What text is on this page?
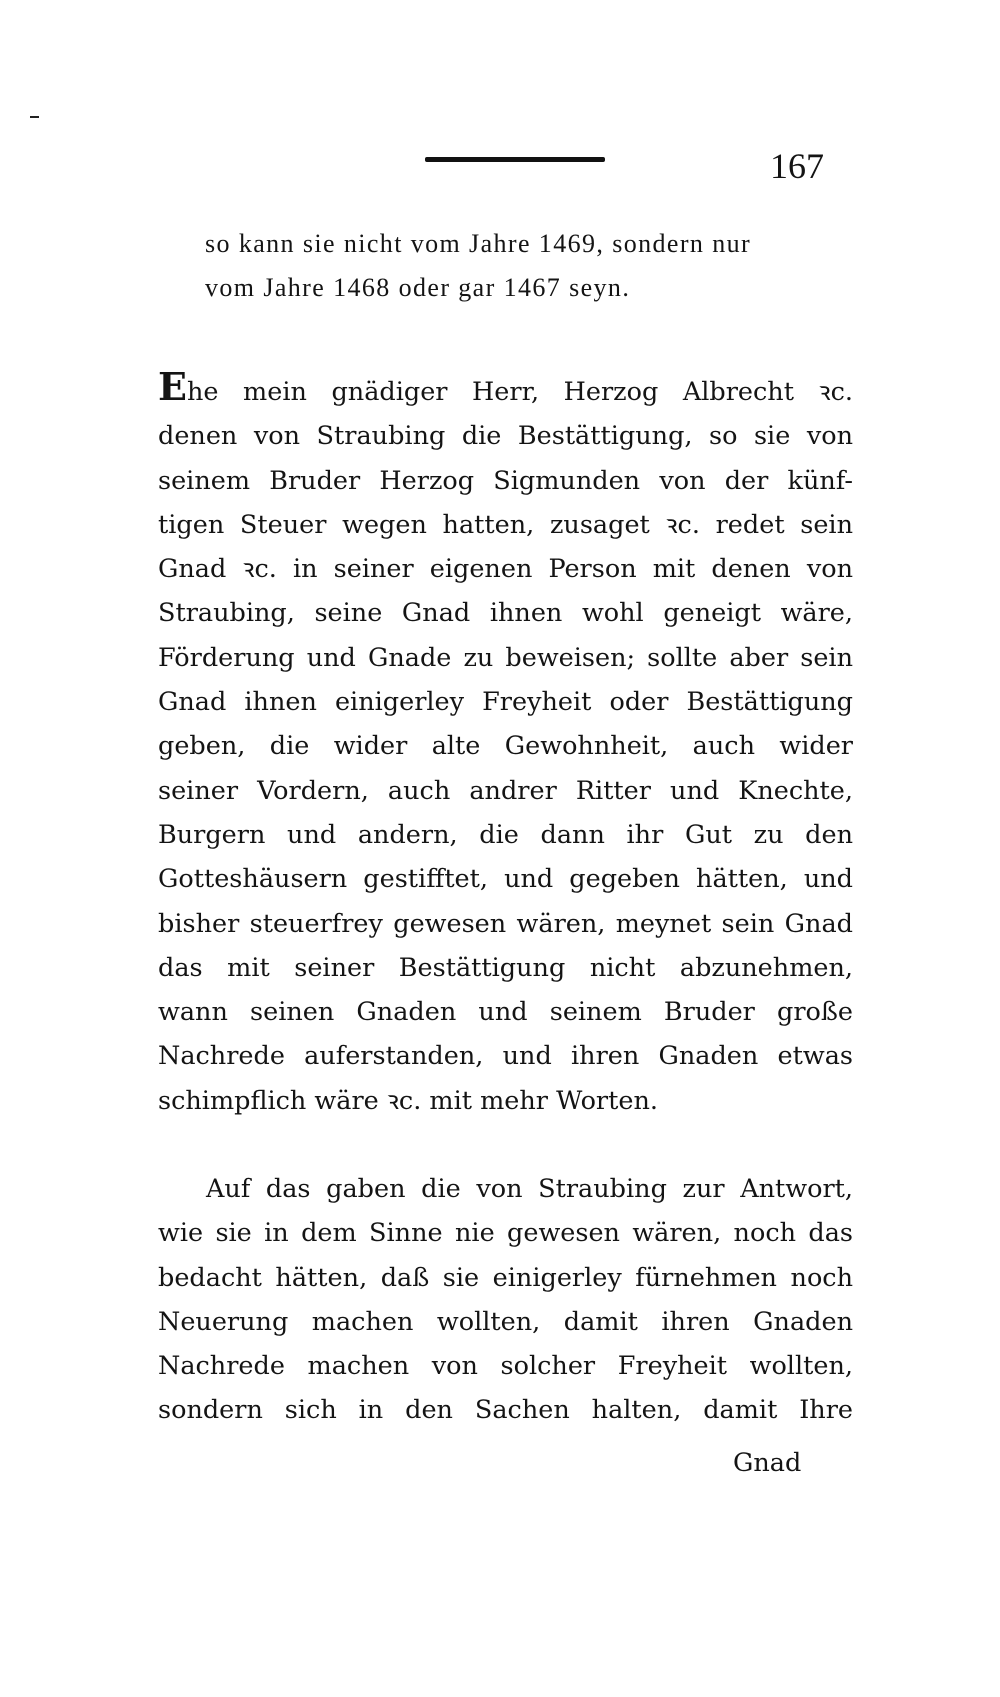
167
so kann sie nicht vom Jahre 1469, sondern nur
vom Jahre 1468 oder gar 1467 seyn.
Ehe mein gnädiger Herr, Herzog Albrecht ꝛc.
denen von Straubing die Bestättigung, so sie von
seinem Bruder Herzog Sigmunden von der künf-
tigen Steuer wegen hatten, zusaget ꝛc. redet sein
Gnad ꝛc. in seiner eigenen Person mit denen von
Straubing, seine Gnad ihnen wohl geneigt wäre,
Förderung und Gnade zu beweisen; sollte aber sein
Gnad ihnen einigerley Freyheit oder Bestättigung
geben, die wider alte Gewohnheit, auch wider
seiner Vordern, auch andrer Ritter und Knechte,
Burgern und andern, die dann ihr Gut zu den
Gotteshäusern gestifftet, und gegeben hätten, und
bisher steuerfrey gewesen wären, meynet sein Gnad
das mit seiner Bestättigung nicht abzunehmen,
wann seinen Gnaden und seinem Bruder große
Nachrede auferstanden, und ihren Gnaden etwas
schimpflich wäre ꝛc. mit mehr Worten.
Auf das gaben die von Straubing zur Antwort,
wie sie in dem Sinne nie gewesen wären, noch das
bedacht hätten, daß sie einigerley fürnehmen noch
Neuerung machen wollten, damit ihren Gnaden
Nachrede machen von solcher Freyheit wollten,
sondern sich in den Sachen halten, damit Ihre
Gnad
